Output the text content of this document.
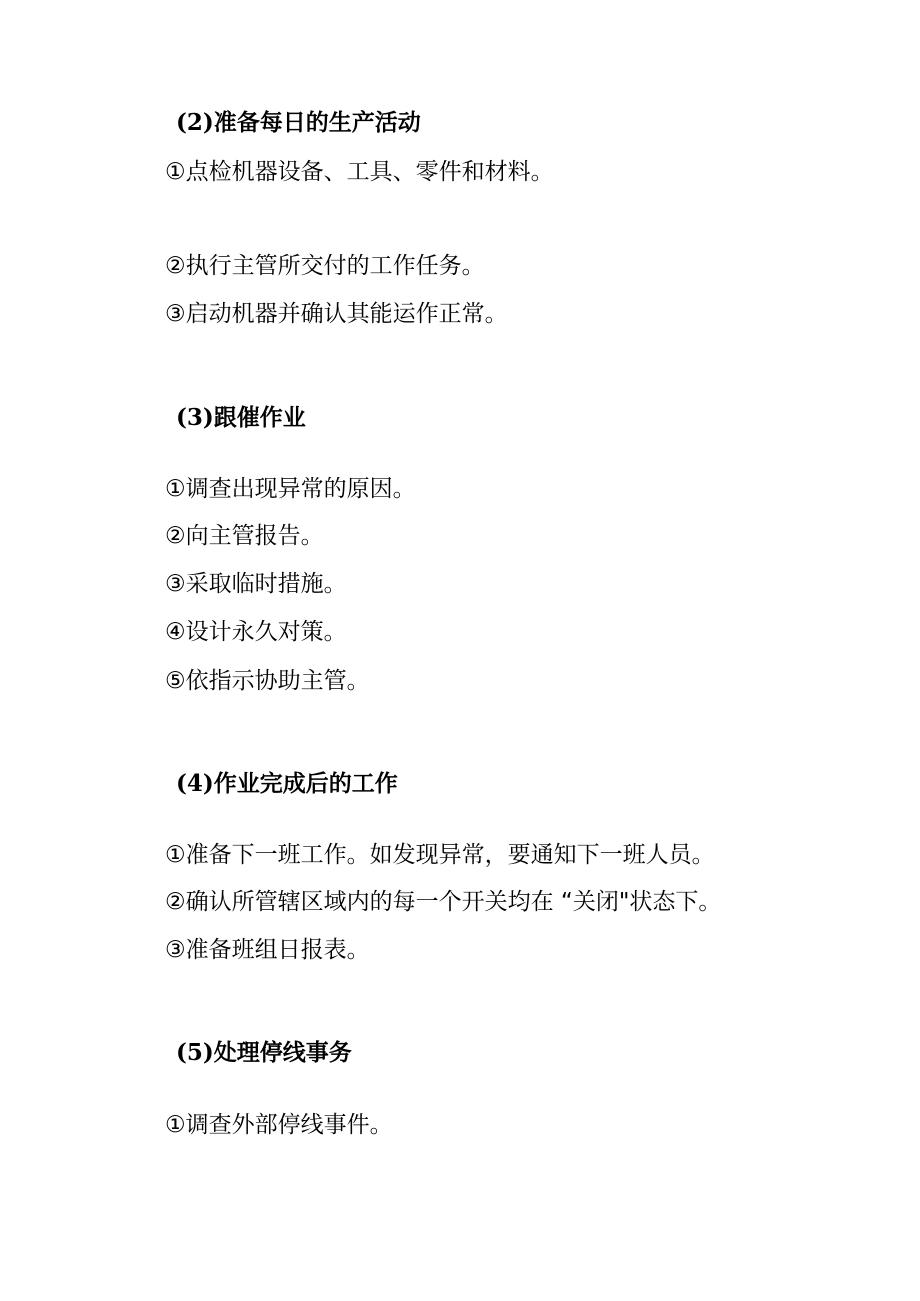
(2)准备每日的生产活动
①点检机器设备、工具、零件和材料。
②执行主管所交付的工作任务。
③启动机器并确认其能运作正常。
(3)跟催作业
①调查出现异常的原因。
②向主管报告。
③采取临时措施。
④设计永久对策。
⑤依指示协助主管。
(4)作业完成后的工作
①准备下一班工作。如发现异常，要通知下一班人员。
②确认所管辖区域内的每一个开关均在 “关闭"状态下。
③准备班组日报表。
(5)处理停线事务
①调查外部停线事件。
